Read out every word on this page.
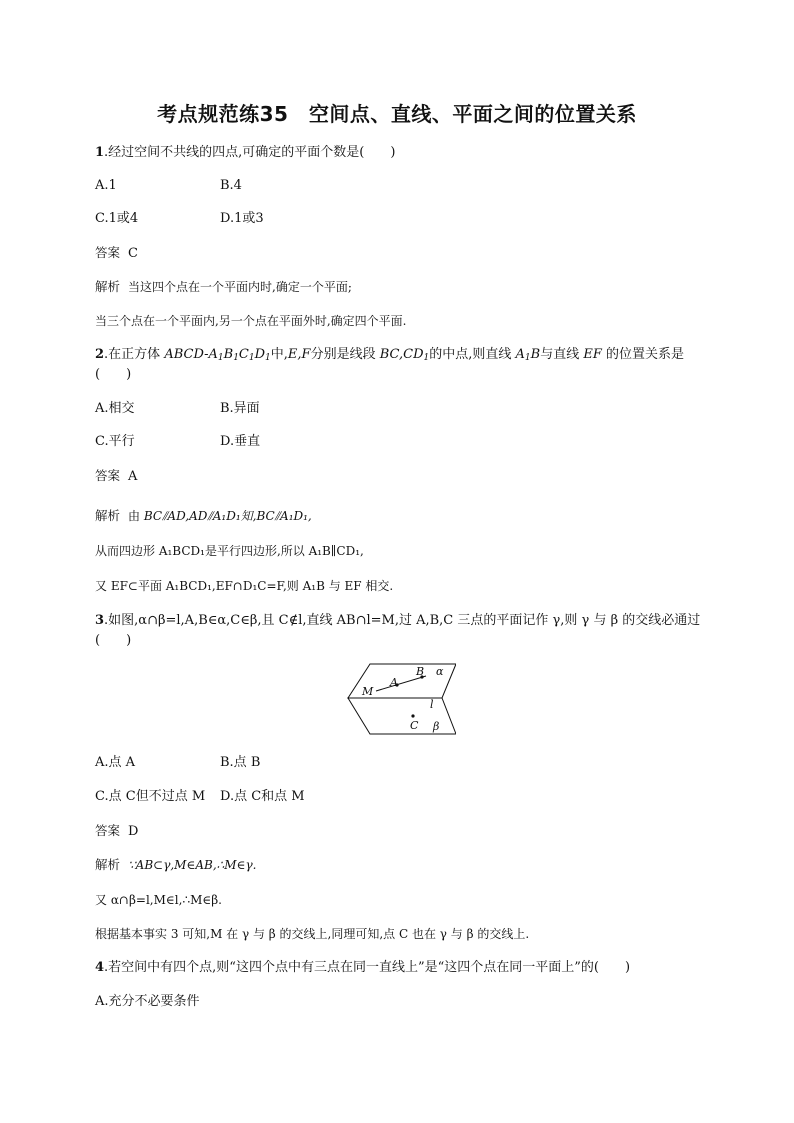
考点规范练35　空间点、直线、平面之间的位置关系
1.经过空间不共线的四点,可确定的平面个数是(　　)
A.1	B.4
C.1或4	D.1或3
答案 C
解析 当这四个点在一个平面内时,确定一个平面;
当三个点在一个平面内,另一个点在平面外时,确定四个平面.
2.在正方体 ABCD-$A_1B_1C_1D_1$中,E,F分别是线段 $BC,CD_1$的中点,则直线 $A_1B$与直线 EF 的位置关系是
(　　)
A.相交	B.异面
C.平行	D.垂直
答案 A
解析 由 BC⫽AD,AD⫽A₁D₁知,BC⫽A₁D₁,
从而四边形 A₁BCD₁是平行四边形,所以 A₁B∥CD₁,
又 EF⊂平面 A₁BCD₁,EF∩D₁C=F,则 A₁B 与 EF 相交.
3.如图,α∩β=l,A,B∈α,C∈β,且 C∉l,直线 AB∩l=M,过 A,B,C 三点的平面记作 γ,则 γ 与 β 的交线必通过
(　　)
α
β
A
B
C
M
l
A.点 A	B.点 B
C.点 C但不过点 M D.点 C和点 M
答案 D
解析 ∵AB⊂γ,M∈AB,∴M∈γ.
又 α∩β=l,M∈l,∴M∈β.
根据基本事实 3 可知,M 在 γ 与 β 的交线上,同理可知,点 C 也在 γ 与 β 的交线上.
4.若空间中有四个点,则“这四个点中有三点在同一直线上”是“这四个点在同一平面上”的(　　)
A.充分不必要条件
